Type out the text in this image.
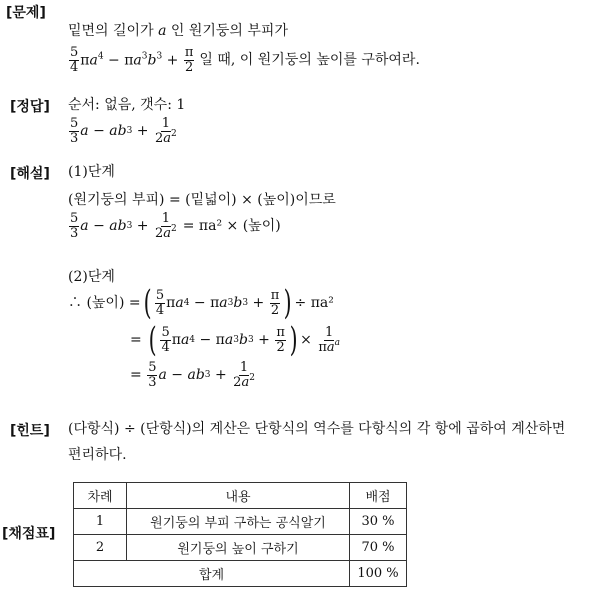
[문제]
[정답]
[해설]
[힌트]
[채점표]
밑면의 길이가 a 인 원기둥의 부피가
$\frac{5}{4} \pi a^4 - \pi a^3b^3 + \frac{\pi}{2}$ 일 때, 이 원기둥의 높이를 구하여라.
순서: 없음, 갯수: 1
$\frac{5}{3}$ a − ab $3 + \frac{1}{2a^2}$
(1)단계
(원기둥의 부피) = (밑넓이) × (높이)이므로
$\frac{5}{3}$ a − ab $3 + \frac{1}{2a^2} = \pi a^2$ × (높이)
(2)단계
∴ (높이) = ( $\frac{5}{4}$ π a 4 − π a 3 b $3 + \frac{\pi}{2}$ ) ÷ πa²
= ( $\frac{5}{4}$ π a 4 − π a 3 b $3 + \frac{\pi}{2}$ ) ×
$\frac{1}{\pi a^a}$
= $\frac{5}{3}$ a − ab $3 + \frac{1}{2a^2}$
(다항식) ÷ (단항식)의 계산은 단항식의 역수를 다항식의 각 항에 곱하여 계산하면
편리하다.
차례	내용	배점
1	원기둥의 부피 구하는 공식알기	30 %
2	원기둥의 높이 구하기	70 %
합계		100 %
